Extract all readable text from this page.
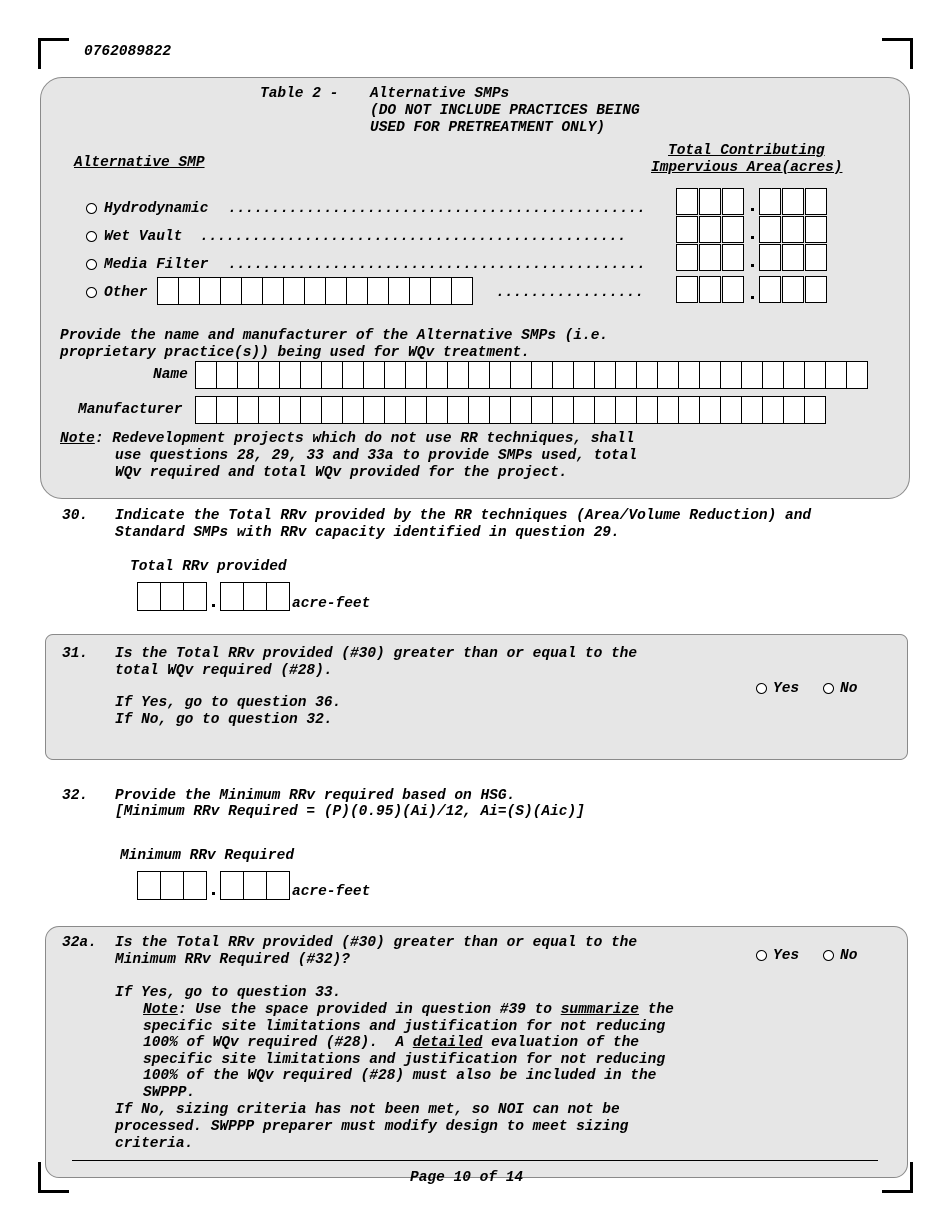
0762089822
Table 2 - Alternative SMPs
(DO NOT INCLUDE PRACTICES BEING
USED FOR PRETREATMENT ONLY)
Alternative SMP
Total Contributing
Impervious Area(acres)
Hydrodynamic ................................................
Wet Vault .................................................
Media Filter ................................................
Other	.................
Provide the name and manufacturer of the Alternative SMPs (i.e.
proprietary practice(s)) being used for WQv treatment.
Name
Manufacturer
Note: Redevelopment projects which do not use RR techniques, shall
use questions 28, 29, 33 and 33a to provide SMPs used, total
WQv required and total WQv provided for the project.
30. Indicate the Total RRv provided by the RR techniques (Area/Volume Reduction) and
Standard SMPs with RRv capacity identified in question 29.
Total RRv provided
acre-feet
31. Is the Total RRv provided (#30) greater than or equal to the
total WQv required (#28).
If Yes, go to question 36.
If No, go to question 32.
Yes	No
32. Provide the Minimum RRv required based on HSG.
[Minimum RRv Required = (P)(0.95)(Ai)/12, Ai=(S)(Aic)]
Minimum RRv Required
acre-feet
32a. Is the Total RRv provided (#30) greater than or equal to the
Minimum RRv Required (#32)?	Yes	No
If Yes, go to question 33.
Note: Use the space provided in question #39 to summarize the
specific site limitations and justification for not reducing
100% of WQv required (#28).  A detailed evaluation of the
specific site limitations and justification for not reducing
100% of the WQv required (#28) must also be included in the
SWPPP.
If No, sizing criteria has not been met, so NOI can not be
processed. SWPPP preparer must modify design to meet sizing
criteria.
Page 10 of 14
